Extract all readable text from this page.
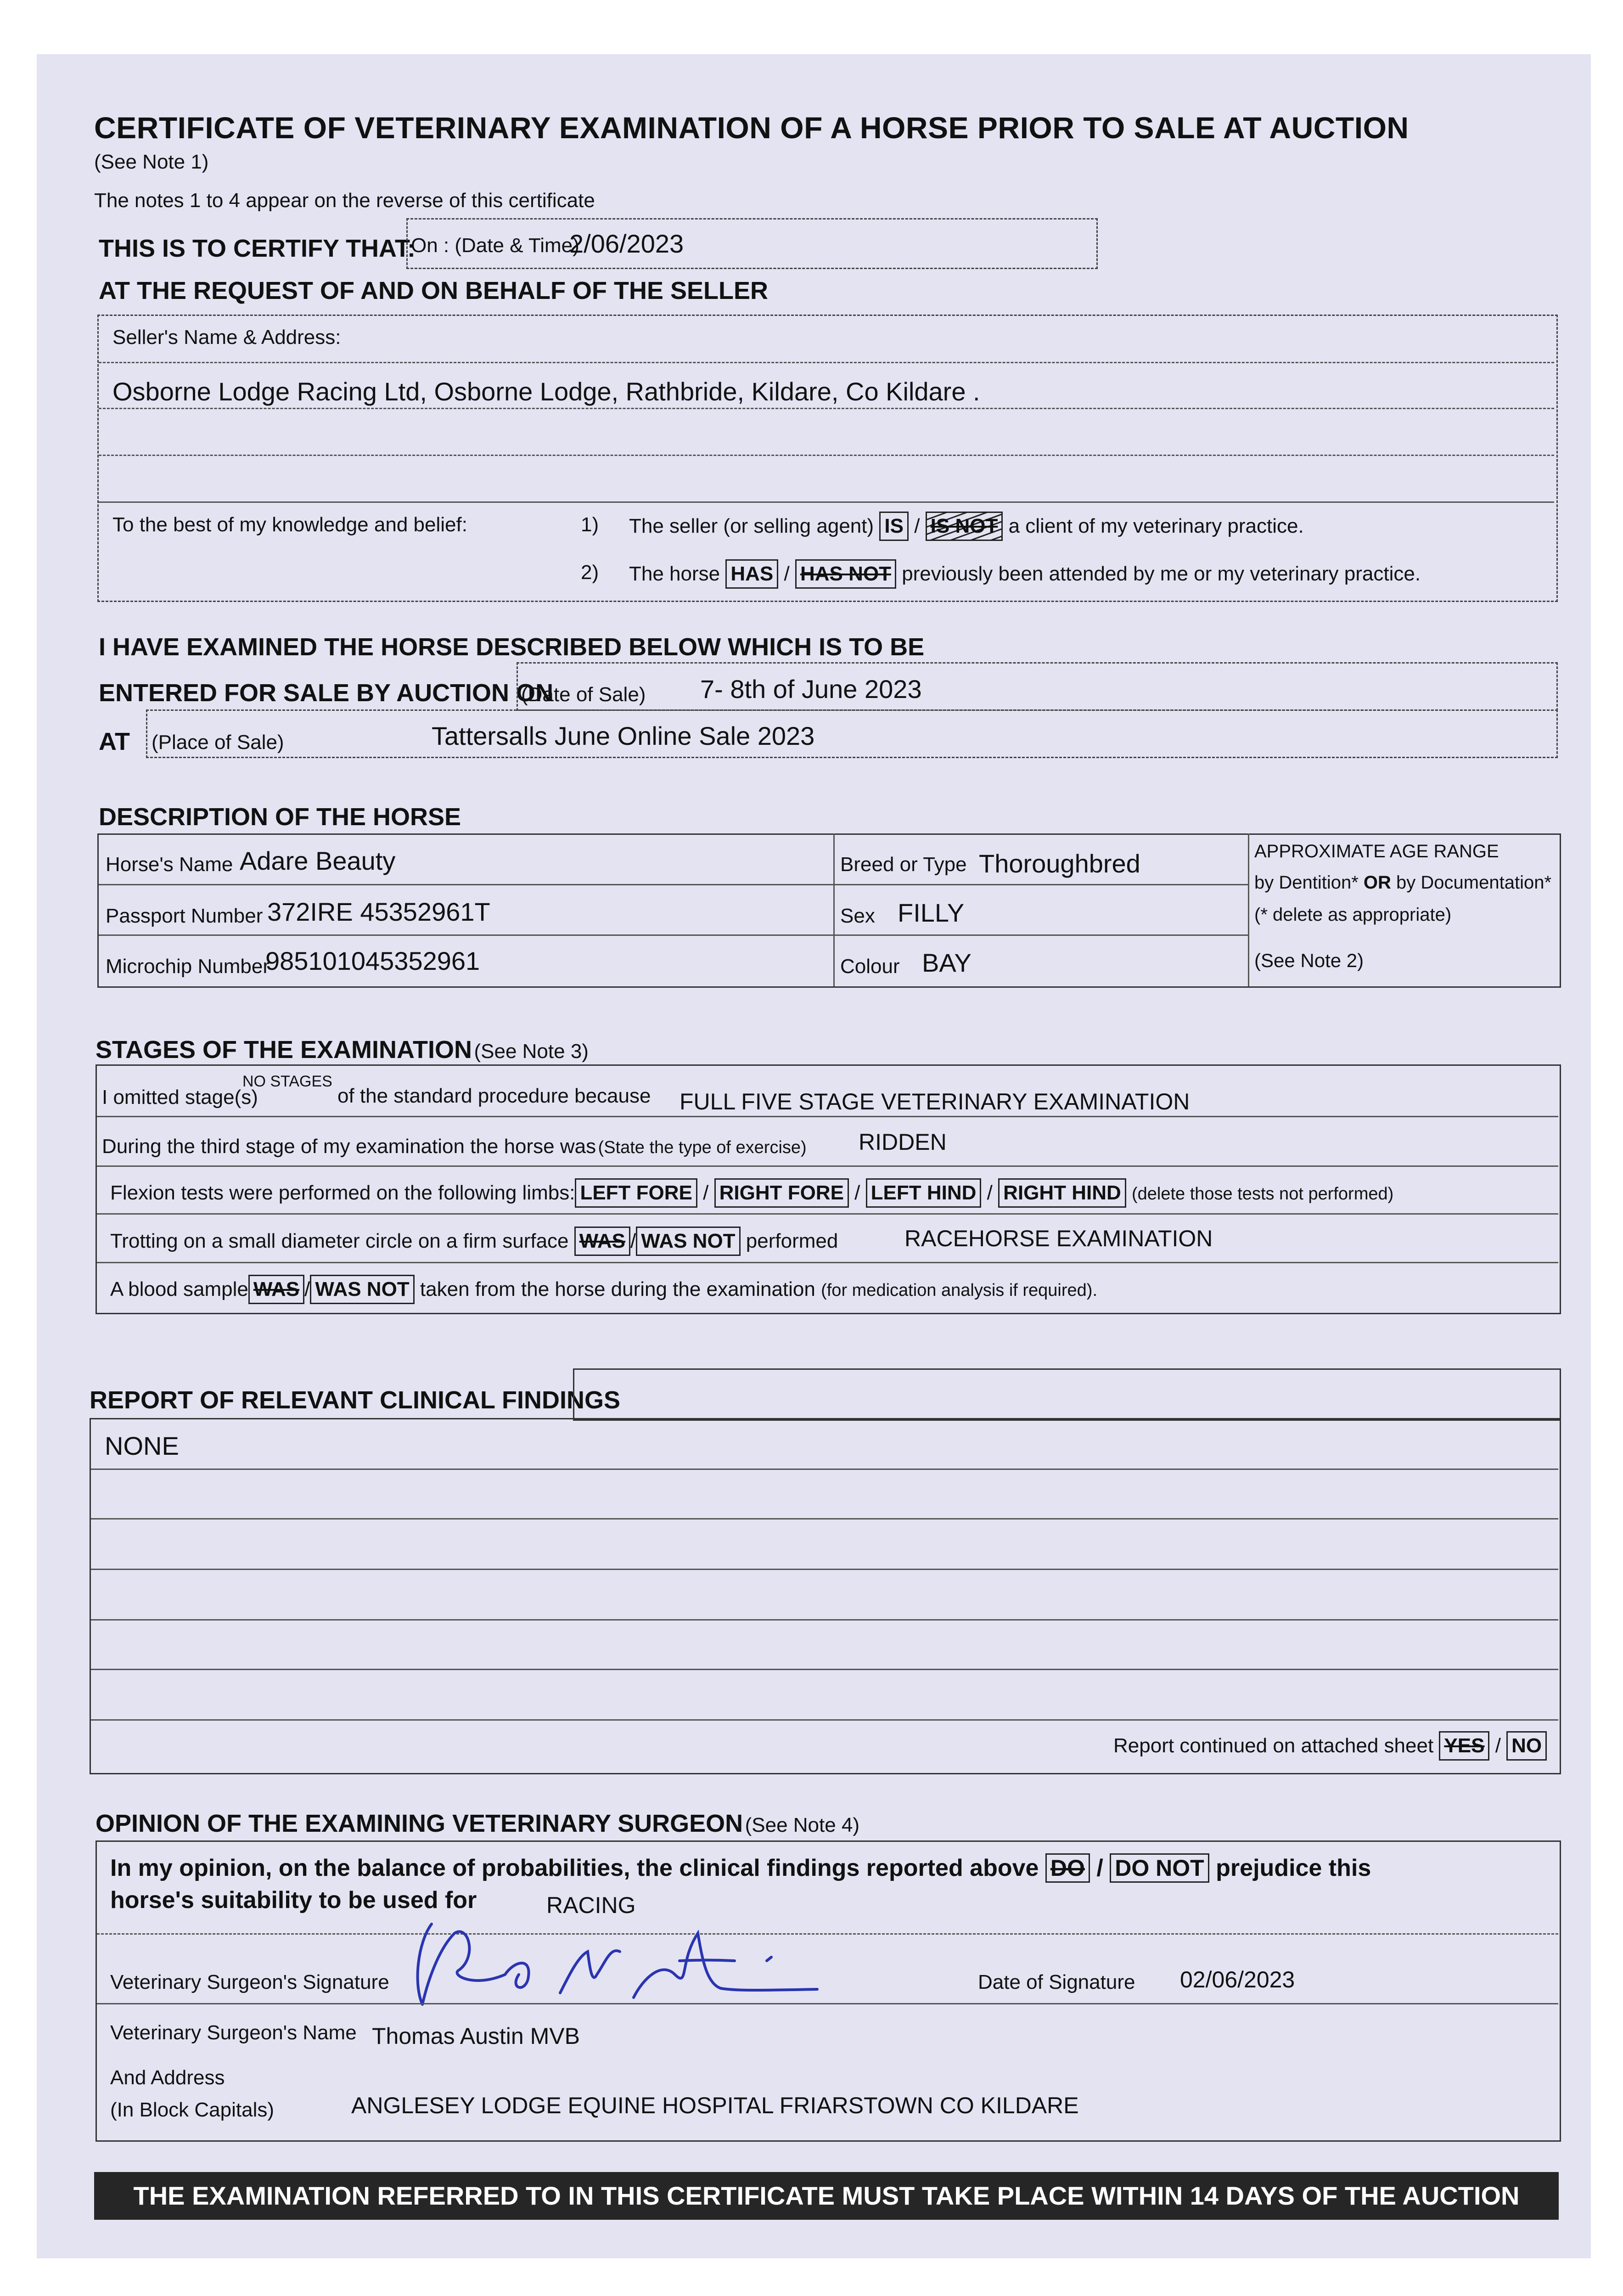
CERTIFICATE OF VETERINARY EXAMINATION OF A HORSE PRIOR TO SALE AT AUCTION
(See Note 1)
The notes 1 to 4 appear on the reverse of this certificate
THIS IS TO CERTIFY THAT:
On : (Date & Time)
2/06/2023
AT THE REQUEST OF AND ON BEHALF OF THE SELLER
Seller's Name & Address:
Osborne Lodge Racing Ltd, Osborne Lodge, Rathbride, Kildare, Co Kildare .
To the best of my knowledge and belief:	1) The seller (or selling agent) IS / IS NOT a client of my veterinary practice.
2) The horse HAS / HAS NOT previously been attended by me or my veterinary practice.
I HAVE EXAMINED THE HORSE DESCRIBED BELOW WHICH IS TO BE
ENTERED FOR SALE BY AUCTION ON
(Date of Sale) 7- 8th of June 2023
AT (Place of Sale)	Tattersalls June Online Sale 2023
DESCRIPTION OF THE HORSE
Horse's Name Adare Beauty
Passport Number 372IRE 45352961T
Microchip Number
985101045352961
Breed or Type Thoroughbred
Sex FILLY
Colour BAY
APPROXIMATE AGE RANGE
by Dentition* OR by Documentation*
(* delete as appropriate)
(See Note 2)
STAGES OF THE EXAMINATION (See Note 3)
I omitted stage(s)
NO STAGES
of the standard procedure because FULL FIVE STAGE VETERINARY EXAMINATION
During the third stage of my examination the horse was (State the type of exercise) RIDDEN
Flexion tests were performed on the following limbs: LEFT FORE / RIGHT FORE / LEFT HIND / RIGHT HIND (delete those tests not performed)
Trotting on a small diameter circle on a firm surface WAS / WAS NOT performed	RACEHORSE EXAMINATION
A blood sample WAS / WAS NOT taken from the horse during the examination (for medication analysis if required).
REPORT OF RELEVANT CLINICAL FINDINGS
NONE
Report continued on attached sheet YES / NO
OPINION OF THE EXAMINING VETERINARY SURGEON (See Note 4)
In my opinion, on the balance of probabilities, the clinical findings reported above DO / DO NOT prejudice this
horse's suitability to be used for	RACING
Veterinary Surgeon's Signature	Date of Signature 02/06/2023
Veterinary Surgeon's Name Thomas Austin MVB
And Address
(In Block Capitals)	ANGLESEY LODGE EQUINE HOSPITAL FRIARSTOWN CO KILDARE
THE EXAMINATION REFERRED TO IN THIS CERTIFICATE MUST TAKE PLACE WITHIN 14 DAYS OF THE AUCTION
